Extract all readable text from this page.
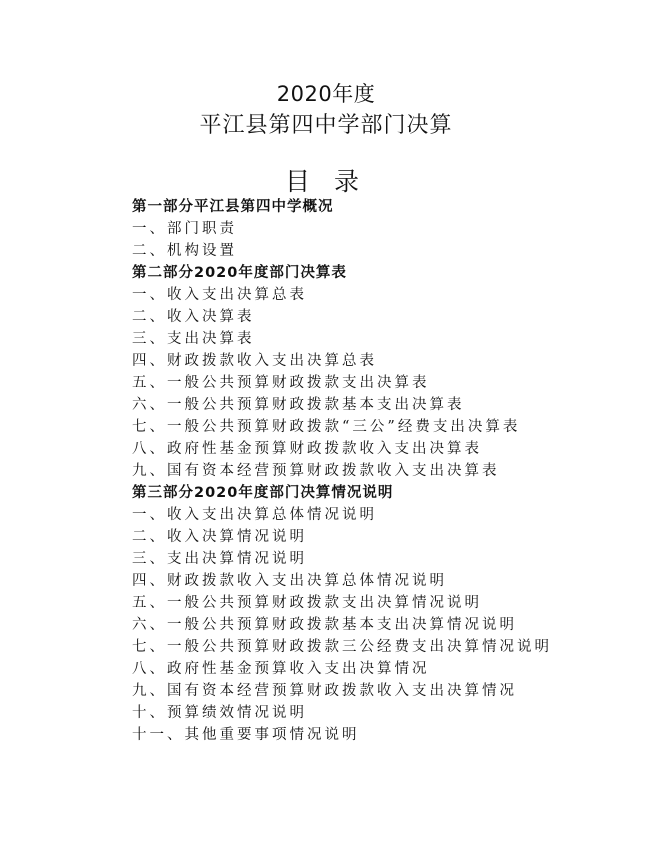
2020年度
平江县第四中学部门决算
目 录
第一部分平江县第四中学概况
一、部门职责
二、机构设置
第二部分2020年度部门决算表
一、收入支出决算总表
二、收入决算表
三、支出决算表
四、财政拨款收入支出决算总表
五、一般公共预算财政拨款支出决算表
六、一般公共预算财政拨款基本支出决算表
七、一般公共预算财政拨款“三公”经费支出决算表
八、政府性基金预算财政拨款收入支出决算表
九、国有资本经营预算财政拨款收入支出决算表
第三部分2020年度部门决算情况说明
一、收入支出决算总体情况说明
二、收入决算情况说明
三、支出决算情况说明
四、财政拨款收入支出决算总体情况说明
五、一般公共预算财政拨款支出决算情况说明
六、一般公共预算财政拨款基本支出决算情况说明
七、一般公共预算财政拨款三公经费支出决算情况说明
八、政府性基金预算收入支出决算情况
九、国有资本经营预算财政拨款收入支出决算情况
十、预算绩效情况说明
十一、其他重要事项情况说明
